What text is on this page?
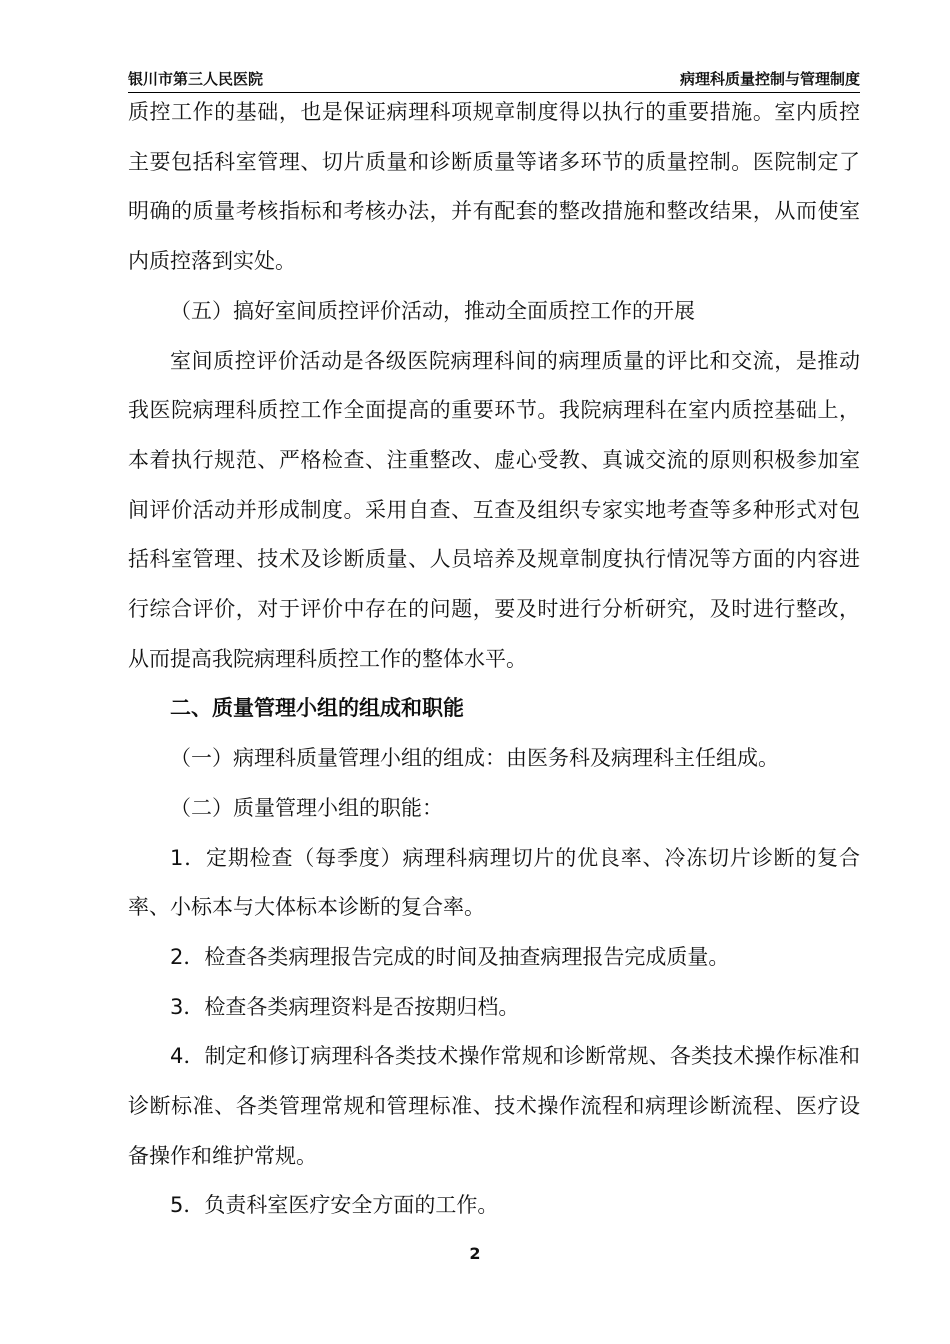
银川市第三人民医院	病理科质量控制与管理制度

质控工作的基础，也是保证病理科项规章制度得以执行的重要措施。室内质控主要包括科室管理、切片质量和诊断质量等诸多环节的质量控制。医院制定了明确的质量考核指标和考核办法，并有配套的整改措施和整改结果，从而使室内质控落到实处。

（五）搞好室间质控评价活动，推动全面质控工作的开展

室间质控评价活动是各级医院病理科间的病理质量的评比和交流，是推动我医院病理科质控工作全面提高的重要环节。我院病理科在室内质控基础上，本着执行规范、严格检查、注重整改、虚心受教、真诚交流的原则积极参加室间评价活动并形成制度。采用自查、互查及组织专家实地考查等多种形式对包括科室管理、技术及诊断质量、人员培养及规章制度执行情况等方面的内容进行综合评价，对于评价中存在的问题，要及时进行分析研究，及时进行整改，从而提高我院病理科质控工作的整体水平。

二、质量管理小组的组成和职能

（一）病理科质量管理小组的组成：由医务科及病理科主任组成。

（二）质量管理小组的职能：

1．定期检查（每季度）病理科病理切片的优良率、冷冻切片诊断的复合率、小标本与大体标本诊断的复合率。

2．检查各类病理报告完成的时间及抽查病理报告完成质量。

3．检查各类病理资料是否按期归档。

4．制定和修订病理科各类技术操作常规和诊断常规、各类技术操作标准和诊断标准、各类管理常规和管理标准、技术操作流程和病理诊断流程、医疗设备操作和维护常规。

5．负责科室医疗安全方面的工作。

2
